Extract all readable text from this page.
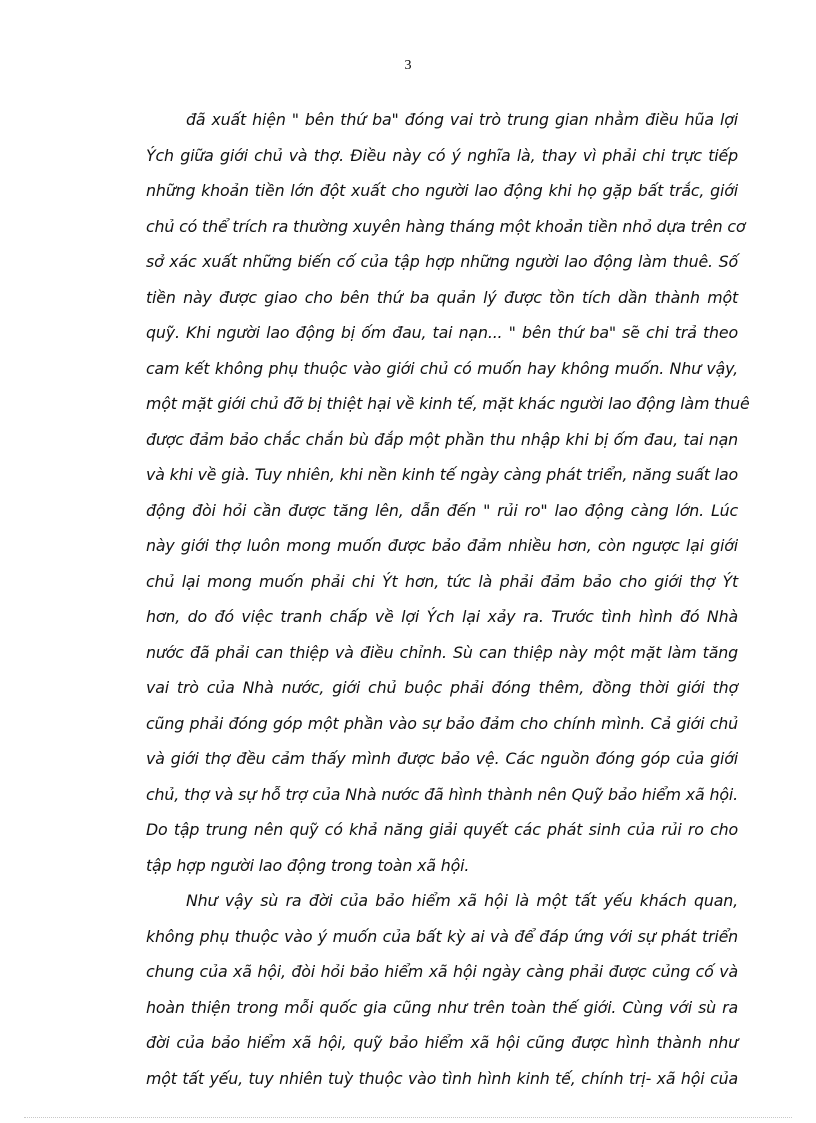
3
đã xuất hiện " bên thứ ba" đóng vai trò trung gian nhằm điều hũa lợi
Ých giữa giới chủ và thợ. Điều này có ý nghĩa là, thay vì phải chi trực tiếp
những khoản tiền lớn đột xuất cho người lao động khi họ gặp bất trắc, giới
chủ có thể trích ra thường xuyên hàng tháng một khoản tiền nhỏ dựa trên cơ
sở xác xuất những biến cố của tập hợp những người lao động làm thuê. Số
tiền này được giao cho bên thứ ba quản lý được tồn tích dần thành một
quỹ. Khi người lao động bị ốm đau, tai nạn... " bên thứ ba" sẽ chi trả theo
cam kết không phụ thuộc vào giới chủ có muốn hay không muốn. Như vậy,
một mặt giới chủ đỡ bị thiệt hại về kinh tế, mặt khác người lao động làm thuê
được đảm bảo chắc chắn bù đắp một phần thu nhập khi bị ốm đau, tai nạn
và khi về già. Tuy nhiên, khi nền kinh tế ngày càng phát triển, năng suất lao
động đòi hỏi cần được tăng lên, dẫn đến " rủi ro" lao động càng lớn. Lúc
này giới thợ luôn mong muốn được bảo đảm nhiều hơn, còn ngược lại giới
chủ lại mong muốn phải chi Ýt hơn, tức là phải đảm bảo cho giới thợ Ýt
hơn, do đó việc tranh chấp về lợi Ých lại xảy ra. Trước tình hình đó Nhà
nước đã phải can thiệp và điều chỉnh. Sù can thiệp này một mặt làm tăng
vai trò của Nhà nước, giới chủ buộc phải đóng thêm, đồng thời giới thợ
cũng phải đóng góp một phần vào sự bảo đảm cho chính mình. Cả giới chủ
và giới thợ đều cảm thấy mình được bảo vệ. Các nguồn đóng góp của giới
chủ, thợ và sự hỗ trợ của Nhà nước đã hình thành nên Quỹ bảo hiểm xã hội.
Do tập trung nên quỹ có khả năng giải quyết các phát sinh của rủi ro cho
tập hợp người lao động trong toàn xã hội.
Như vậy sù ra đời của bảo hiểm xã hội là một tất yếu khách quan,
không phụ thuộc vào ý muốn của bất kỳ ai và để đáp ứng với sự phát triển
chung của xã hội, đòi hỏi bảo hiểm xã hội ngày càng phải được củng cố và
hoàn thiện trong mỗi quốc gia cũng như trên toàn thế giới. Cùng với sù ra
đời của bảo hiểm xã hội, quỹ bảo hiểm xã hội cũng được hình thành như
một tất yếu, tuy nhiên tuỳ thuộc vào tình hình kinh tế, chính trị- xã hội của
